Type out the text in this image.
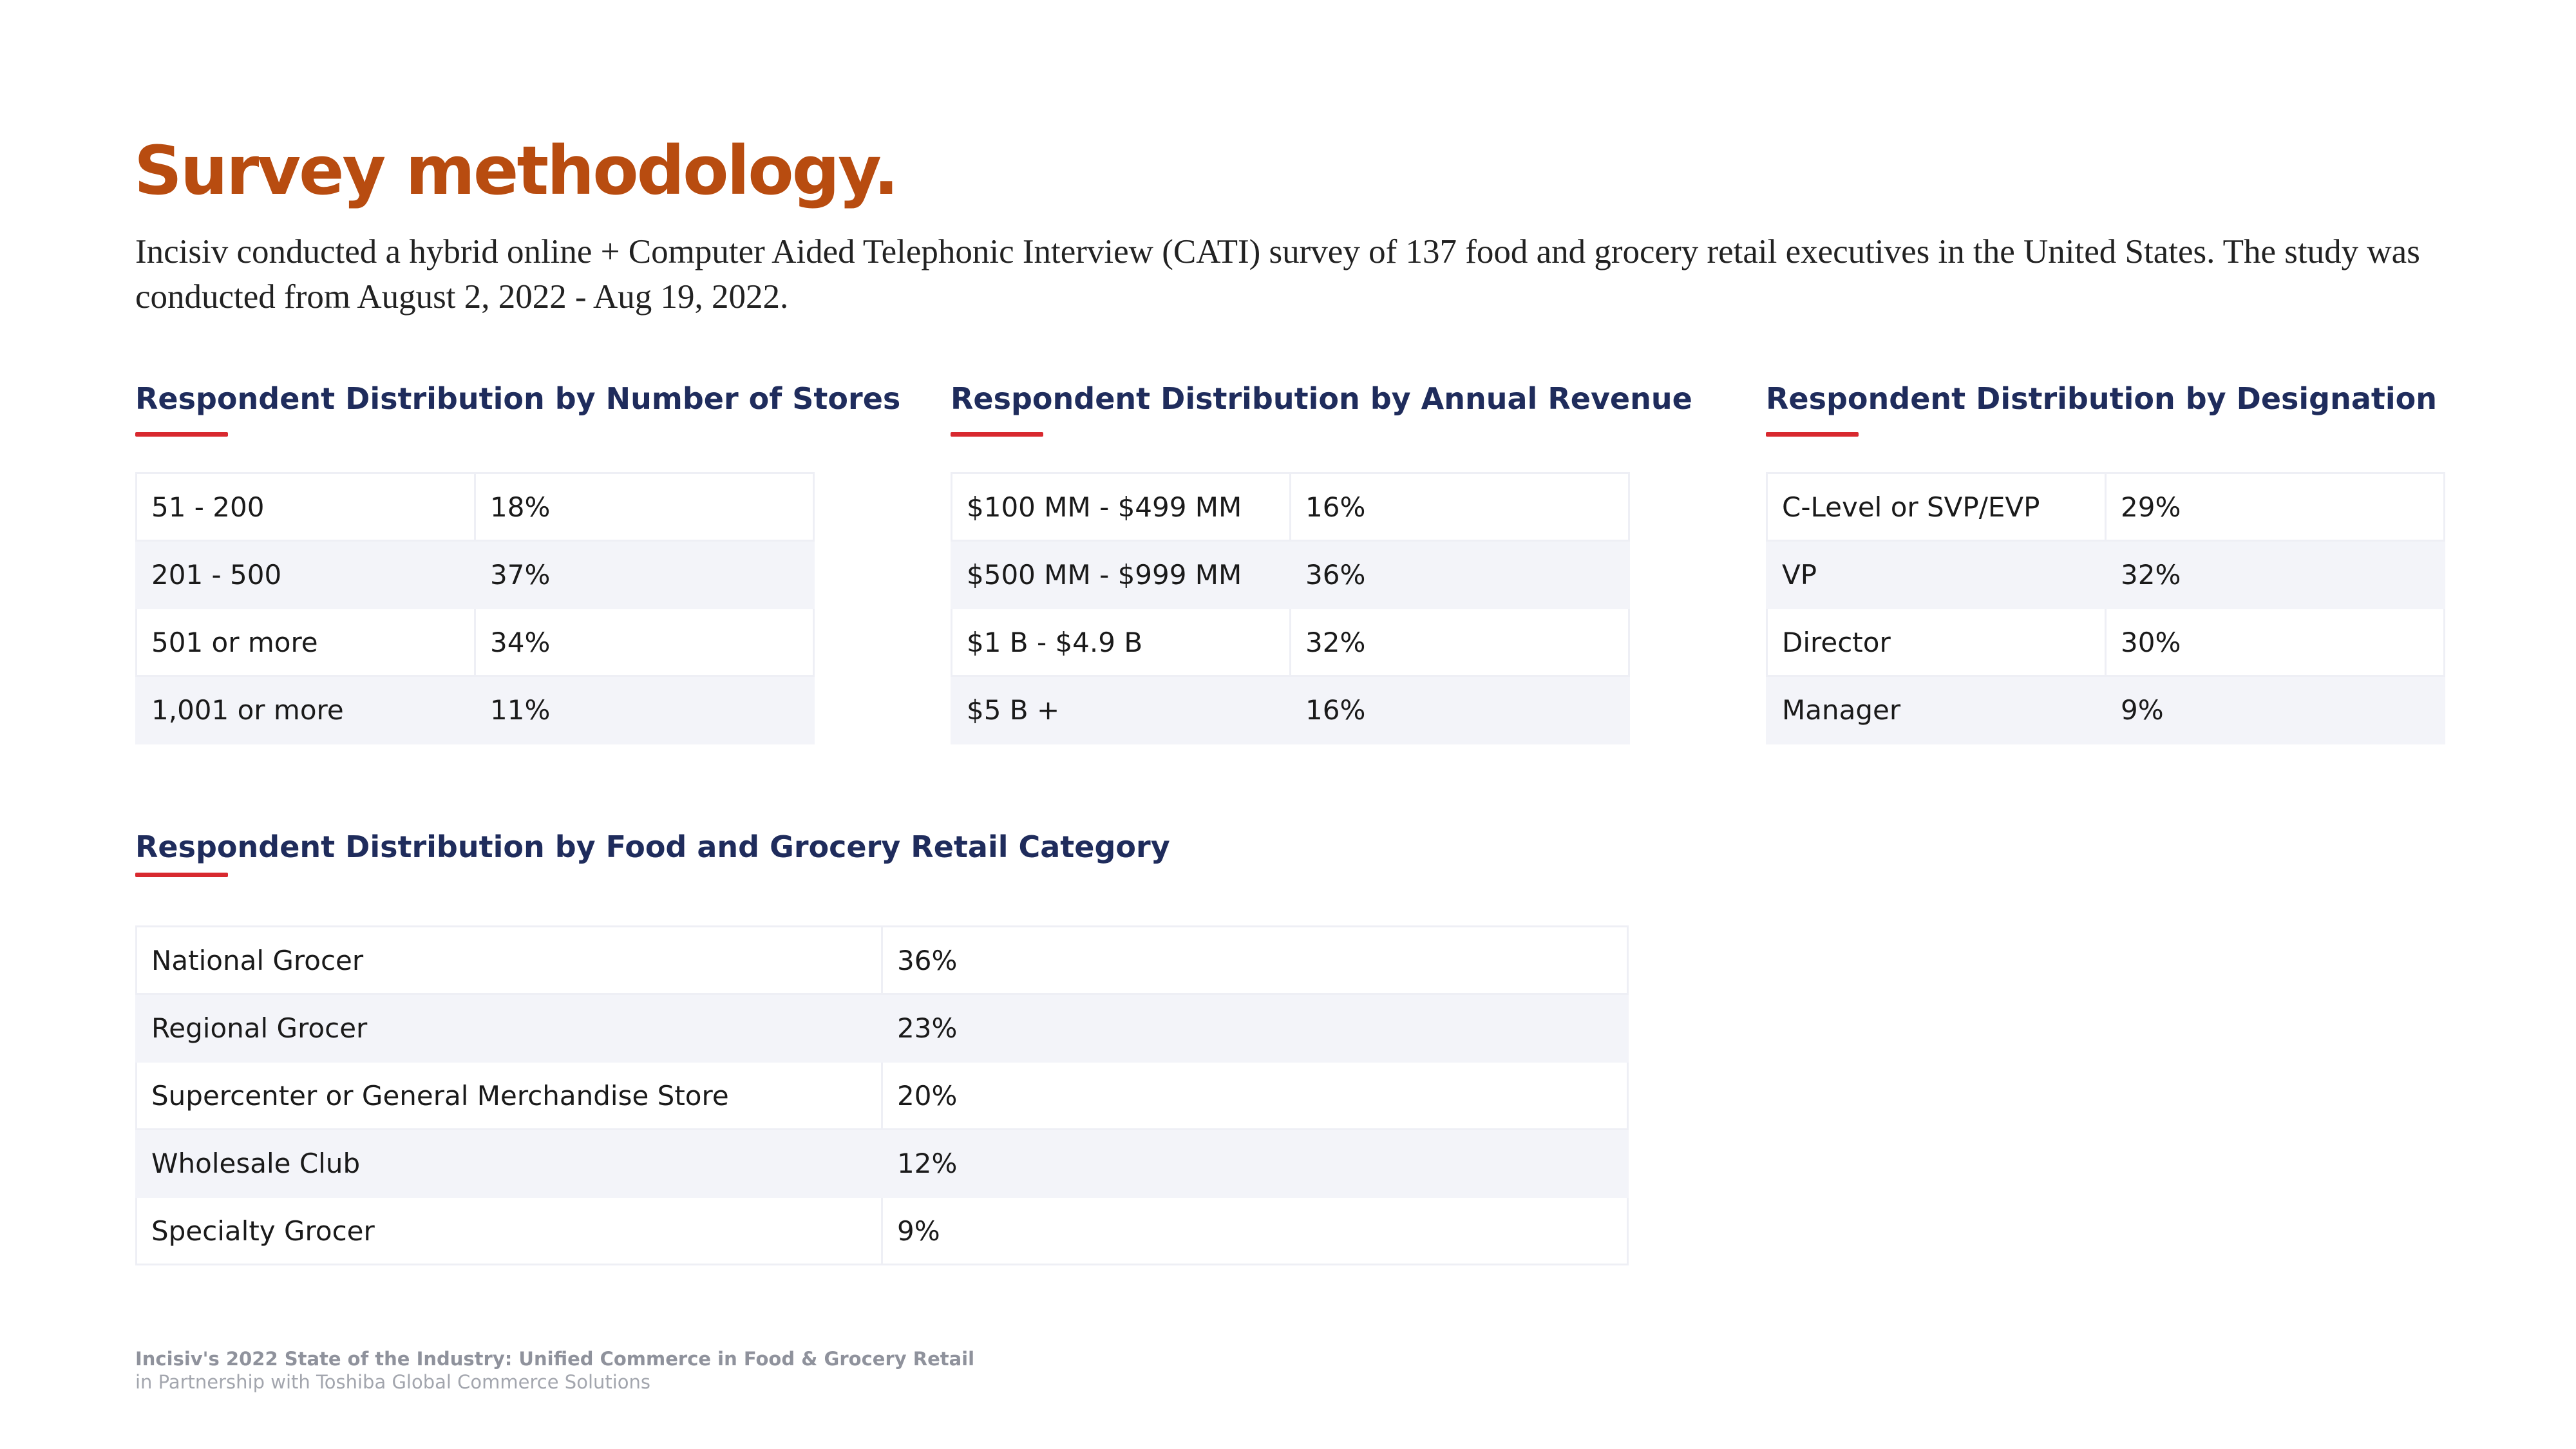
Survey methodology.

Incisiv conducted a hybrid online + Computer Aided Telephonic Interview (CATI) survey of 137 food and grocery retail executives in the United States. The study was conducted from August 2, 2022 - Aug 19, 2022.

Respondent Distribution by Number of Stores
51 - 200	18%
201 - 500	37%
501 or more	34%
1,001 or more	11%
Respondent Distribution by Annual Revenue
$100 MM - $499 MM	16%
$500 MM - $999 MM	36%
$1 B - $4.9 B	32%
$5 B +	16%
Respondent Distribution by Designation
C-Level or SVP/EVP	29%
VP	32%
Director	30%
Manager	9%
Respondent Distribution by Food and Grocery Retail Category
National Grocer	36%
Regional Grocer	23%
Supercenter or General Merchandise Store	20%
Wholesale Club	12%
Specialty Grocer	9%
Incisiv's 2022 State of the Industry: Unified Commerce in Food & Grocery Retail
in Partnership with Toshiba Global Commerce Solutions
